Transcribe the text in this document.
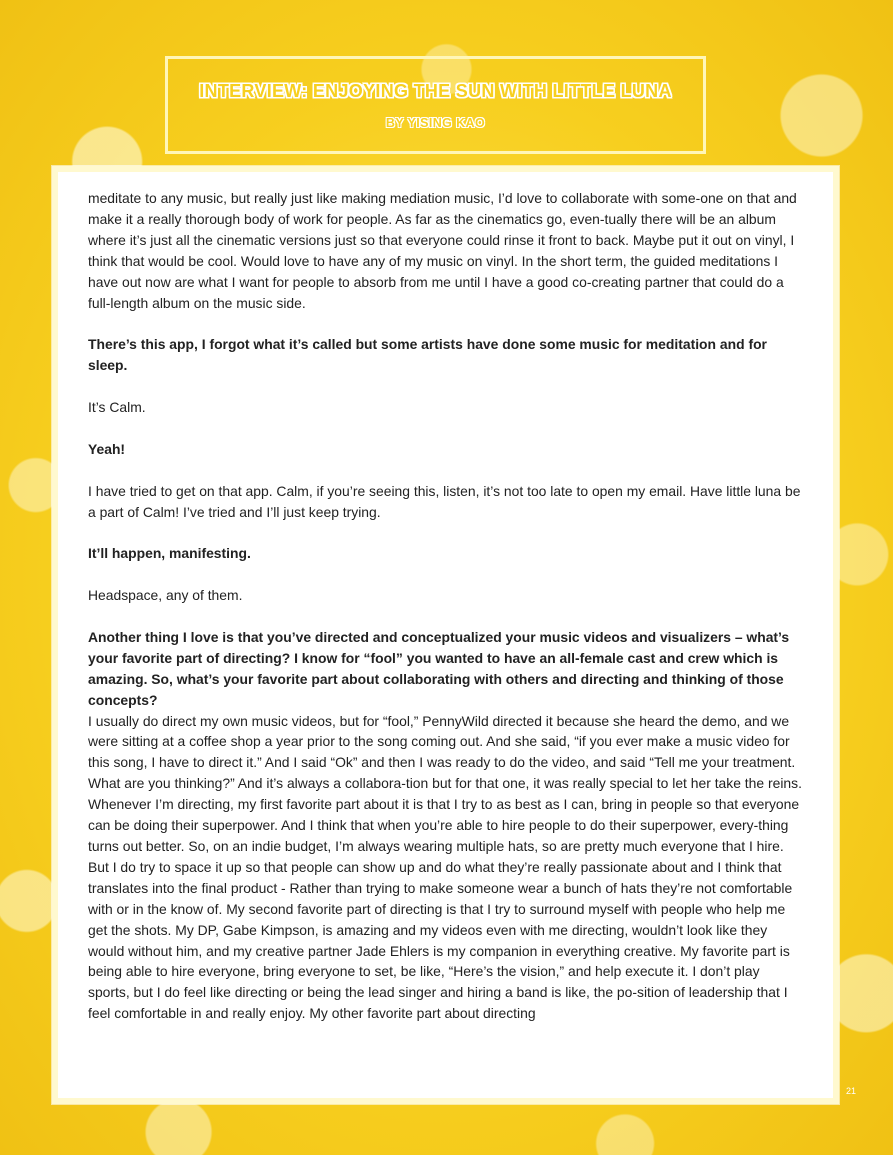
INTERVIEW: ENJOYING THE SUN WITH LITTLE LUNA
BY YISING KAO

meditate to any music, but really just like making mediation music, I’d love to collaborate with some-one on that and make it a really thorough body of work for people. As far as the cinematics go, even-tually there will be an album where it’s just all the cinematic versions just so that everyone could rinse it front to back. Maybe put it out on vinyl, I think that would be cool. Would love to have any of my music on vinyl. In the short term, the guided meditations I have out now are what I want for people to absorb from me until I have a good co-creating partner that could do a full-length album on the music side.

There’s this app, I forgot what it’s called but some artists have done some music for meditation and for sleep.

It’s Calm.

Yeah!

I have tried to get on that app. Calm, if you’re seeing this, listen, it’s not too late to open my email. Have little luna be a part of Calm! I’ve tried and I’ll just keep trying.

It’ll happen, manifesting.

Headspace, any of them.

Another thing I love is that you’ve directed and conceptualized your music videos and visualizers – what’s your favorite part of directing? I know for “fool” you wanted to have an all-female cast and crew which is amazing. So, what’s your favorite part about collaborating with others and directing and thinking of those concepts?

I usually do direct my own music videos, but for “fool,” PennyWild directed it because she heard the demo, and we were sitting at a coffee shop a year prior to the song coming out. And she said, “if you ever make a music video for this song, I have to direct it.” And I said “Ok” and then I was ready to do the video, and said “Tell me your treatment. What are you thinking?” And it’s always a collabora-tion but for that one, it was really special to let her take the reins. Whenever I’m directing, my first favorite part about it is that I try to as best as I can, bring in people so that everyone can be doing their superpower. And I think that when you’re able to hire people to do their superpower, every-thing turns out better. So, on an indie budget, I’m always wearing multiple hats, so are pretty much everyone that I hire. But I do try to space it up so that people can show up and do what they’re really passionate about and I think that translates into the final product - Rather than trying to make someone wear a bunch of hats they’re not comfortable with or in the know of. My second favorite part of directing is that I try to surround myself with people who help me get the shots. My DP, Gabe Kimpson, is amazing and my videos even with me directing, wouldn’t look like they would without him, and my creative partner Jade Ehlers is my companion in everything creative. My favorite part is being able to hire everyone, bring everyone to set, be like, “Here’s the vision,” and help execute it. I don’t play sports, but I do feel like directing or being the lead singer and hiring a band is like, the po-sition of leadership that I feel comfortable in and really enjoy. My other favorite part about directing

21
